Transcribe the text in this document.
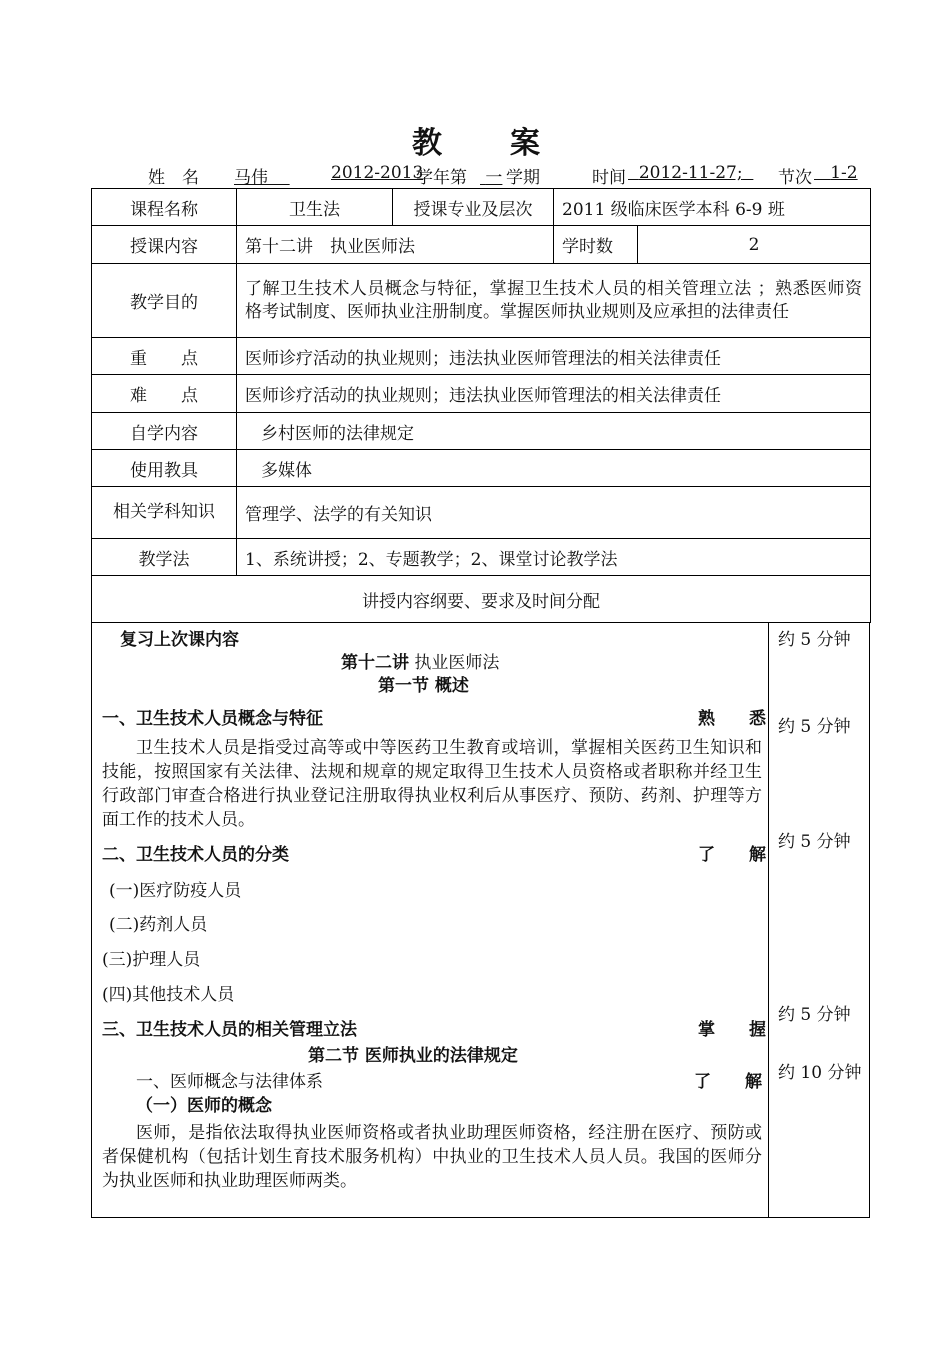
教 案
姓　名 马伟	2012-2013
学年第	一 学期	时间 2012-11-27;	节次	1-2
课程名称	卫生法	授课专业及层次	2011 级临床医学本科 6-9 班	
授课内容	第十二讲　执业医师法		学时数	2
教学目的	了解卫生技术人员概念与特征，掌握卫生技术人员的相关管理立法 ；熟悉医师资格考试制度、医师执业注册制度。掌握医师执业规则及应承担的法律责任			
重　　点	医师诊疗活动的执业规则；违法执业医师管理法的相关法律责任			
难　　点	医师诊疗活动的执业规则；违法执业医师管理法的相关法律责任			
自学内容	乡村医师的法律规定			
使用教具	多媒体			
相关学科知识	管理学、法学的有关知识			
教学法	1、系统讲授；2、专题教学；2、课堂讨论教学法			
讲授内容纲要、要求及时间分配				
复习上次课内容
第十二讲 执业医师法
第一节 概述
一、卫生技术人员概念与特征	熟　　悉
卫生技术人员是指受过高等或中等医药卫生教育或培训，掌握相关医药卫生知识和技能，按照国家有关法律、法规和规章的规定取得卫生技术人员资格或者职称并经卫生行政部门审查合格进行执业登记注册取得执业权利后从事医疗、预防、药剂、护理等方面工作的技术人员。
二、卫生技术人员的分类	了　　解
(一)医疗防疫人员
(二)药剂人员
(三)护理人员
(四)其他技术人员
三、卫生技术人员的相关管理立法	掌　　握
第二节 医师执业的法律规定
一、医师概念与法律体系	了　　解
（一）医师的概念
医师，是指依法取得执业医师资格或者执业助理医师资格，经注册在医疗、预防或者保健机构（包括计划生育技术服务机构）中执业的卫生技术人员人员。我国的医师分为执业医师和执业助理医师两类。
约 5 分钟
约 5 分钟
约 5 分钟
约 5 分钟
约 10 分钟
